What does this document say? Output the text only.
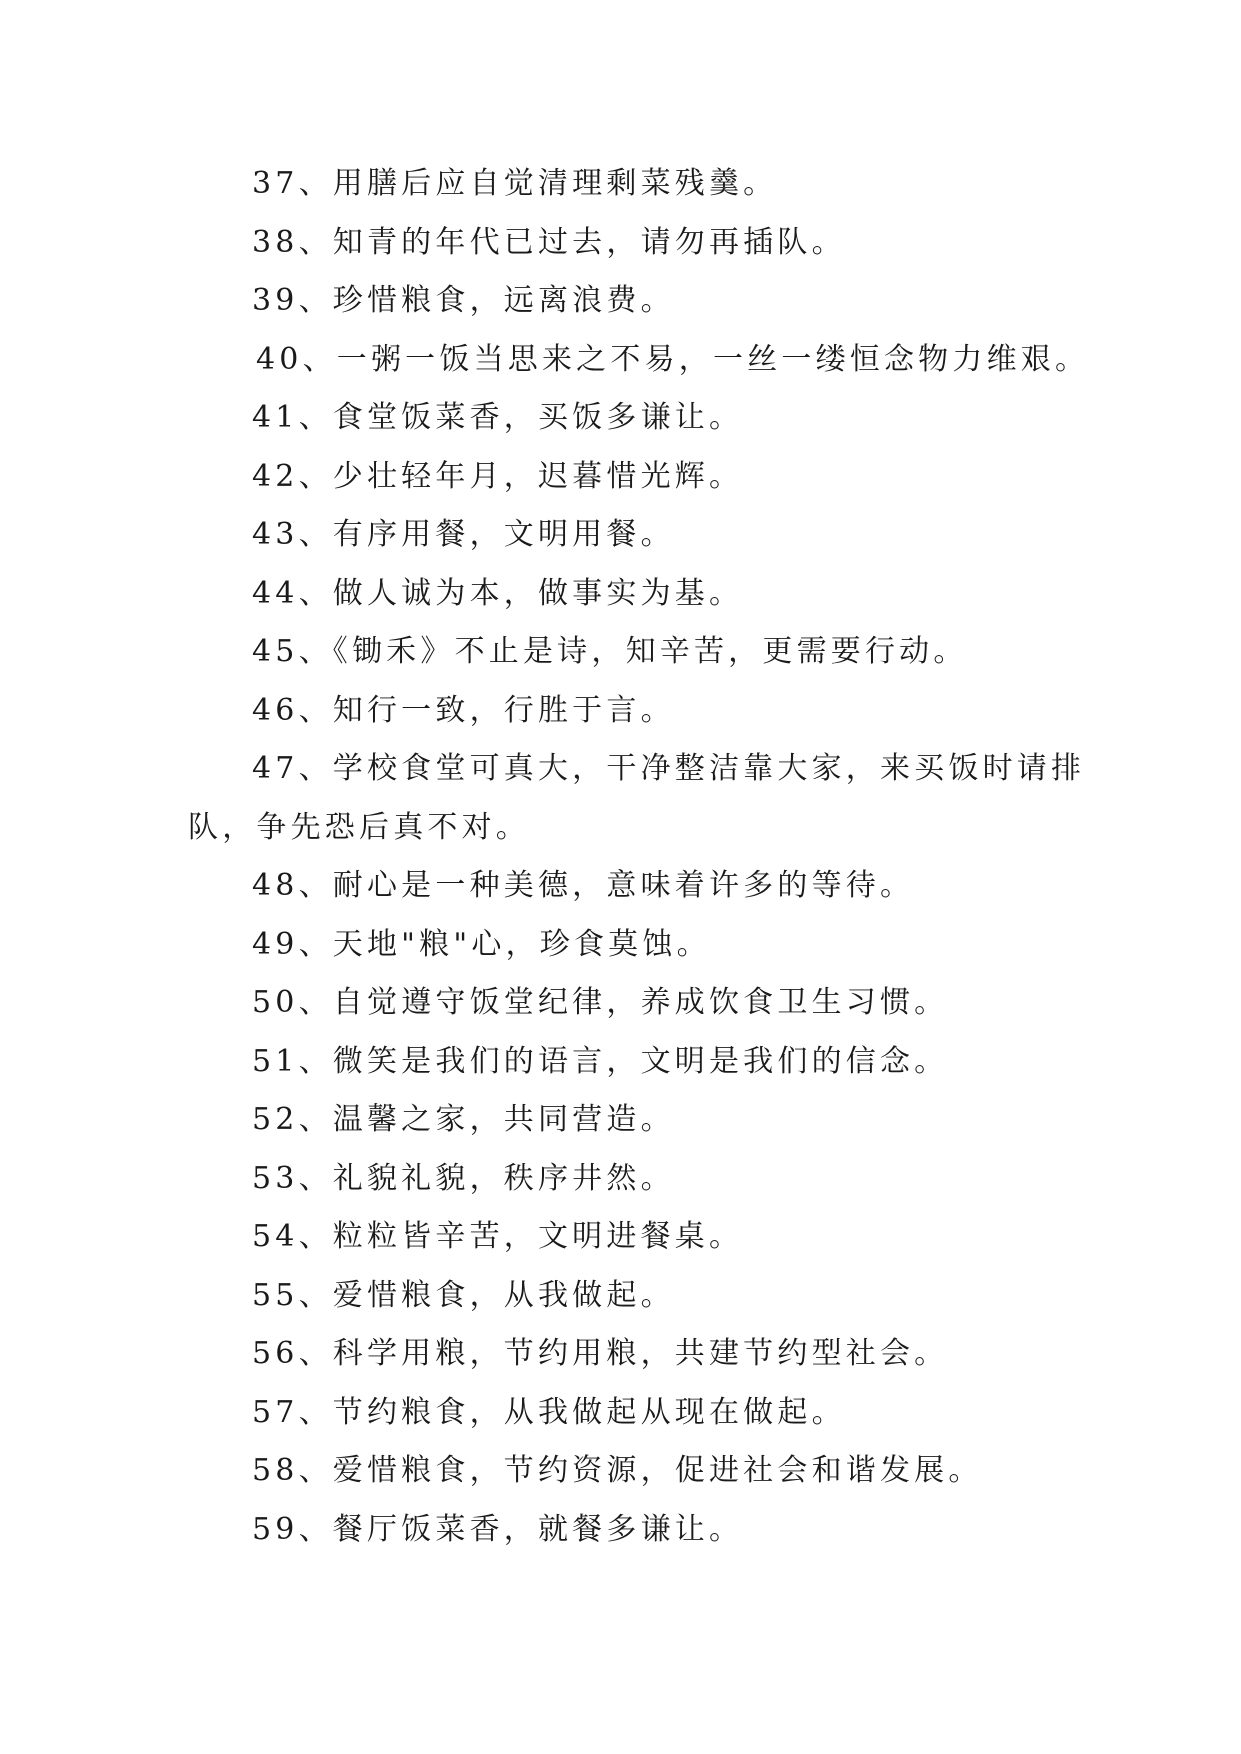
37、用膳后应自觉清理剩菜残羹。
38、知青的年代已过去，请勿再插队。
39、珍惜粮食，远离浪费。
40、一粥一饭当思来之不易，一丝一缕恒念物力维艰。
41、食堂饭菜香，买饭多谦让。
42、少壮轻年月，迟暮惜光辉。
43、有序用餐，文明用餐。
44、做人诚为本，做事实为基。
45、《锄禾》不止是诗，知辛苦，更需要行动。
46、知行一致，行胜于言。
47、学校食堂可真大，干净整洁靠大家，来买饭时请排
队，争先恐后真不对。
48、耐心是一种美德，意味着许多的等待。
49、天地"粮"心，珍食莫蚀。
50、自觉遵守饭堂纪律，养成饮食卫生习惯。
51、微笑是我们的语言，文明是我们的信念。
52、温馨之家，共同营造。
53、礼貌礼貌，秩序井然。
54、粒粒皆辛苦，文明进餐桌。
55、爱惜粮食，从我做起。
56、科学用粮，节约用粮，共建节约型社会。
57、节约粮食，从我做起从现在做起。
58、爱惜粮食，节约资源，促进社会和谐发展。
59、餐厅饭菜香，就餐多谦让。
